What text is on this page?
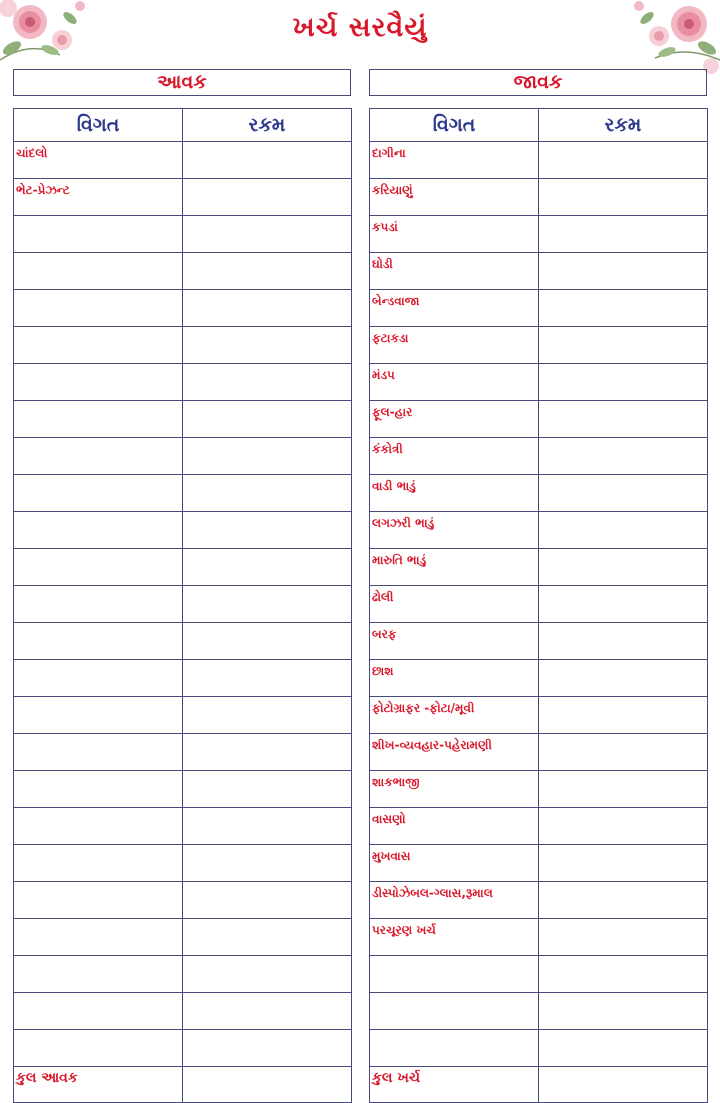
ખર્ચ સરવૈયું
આવક	જાવક
વિગત	રકમ
ચાંદલો	
ભેટ-પ્રેઝન્ટ	

કુલ આવક	
વિગત	રકમ
દાગીના	
કરિયાણું	
કપડાં	
ઘોડી	
બેન્ડવાજા	
ફટાકડા	
મંડપ	
ફૂલ-હાર	
કંકોત્રી	
વાડી ભાડું	
લગઝરી ભાડું	
મારુતિ ભાડું	
ઢોલી	
બરફ	
છાશ	
ફોટોગ્રાફર -ફોટા/મૂવી	
શીખ-વ્યવહાર-પહેરામણી	
શાકભાજી	
વાસણો	
મુખવાસ	
ડીસ્પોઝેબલ-ગ્લાસ,રૂમાલ	
પરચૂરણ ખર્ચ	

કુલ ખર્ચ	
